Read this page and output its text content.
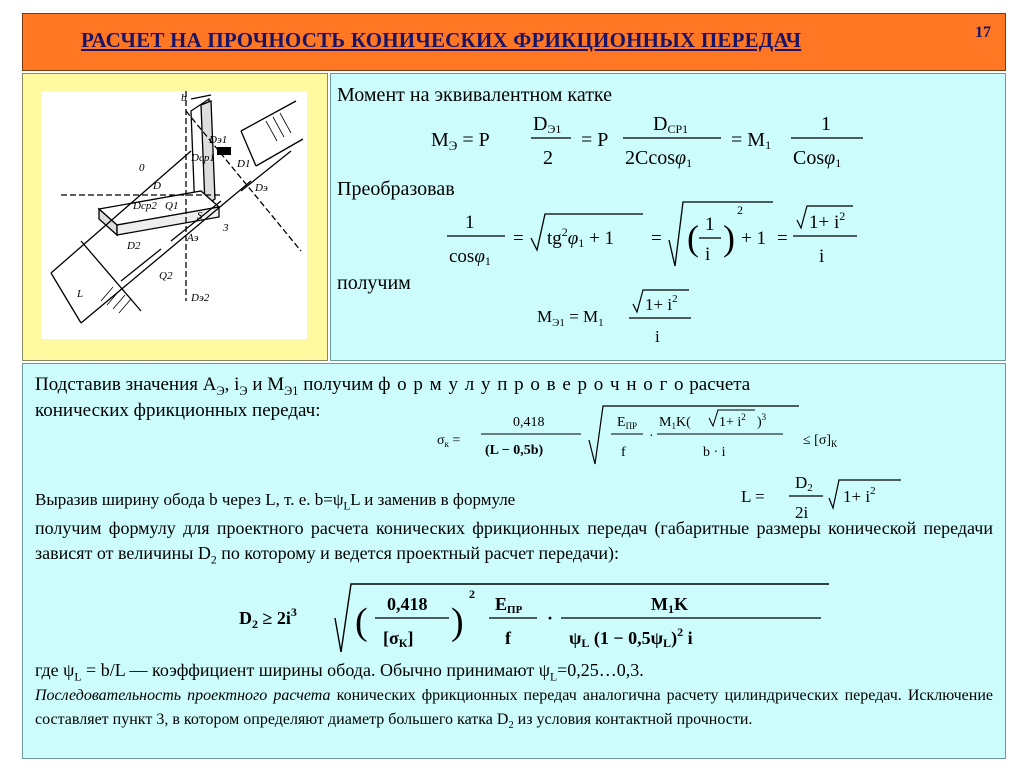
РАСЧЕТ НА ПРОЧНОСТЬ КОНИЧЕСКИХ ФРИКЦИОННЫХ ПЕРЕДАЧ	17
b
0
D
Dэ1
Dср1 D1
Dср2
D2
Dэ2
Dэ
Q1
Q2
L
Aэ
3
S
Момент на эквивалентном катке
$M_Э = P$
DЭ1
2
= P
DCP1
2Ccosφ1
= M1
1
Cosφ1
Преобразовав
1
cosφ1
= $tg^2\varphi 1 + 1$ = ( 1
i )
2
+ 1 =
$1+ i^2$
i
получим
$M_{Э1} = M_1$
$1+ i^2$
i
Подставив значения $A_Э$, $i_Э$ и $M_{Э1}$ получим ф о р м у л у п р о в е р о ч н о г о расчета
конических фрикционных передач:
$\sigma_к$ =
0,418
(L − 0,5b)
$E_{ПР}$
f
·
$M_1K$( $1+ i^2$ )$^3$
b · i
≤ $[\sigma]_К$
Выразив ширину обода b через L, т. е. $b=\psi_LL$ и заменив в формуле	L =
D2
2i
$1+ i^2$
получим формулу для проектного расчета конических фрикционных передач (габаритные размеры конической передачи зависят от величины $D_2$ по которому и ведется проектный расчет передачи):
$D_2 \ge 2i^3$ ( 0,418
[σК] )
2 EПР
f
·
M1K
ψL $(1 - 0,5\psi L)^2$ i
где $\psi_L = b/L$ — коэффициент ширины обода. Обычно принимают $\psi_L=0,25\dots 0,3$.
Последовательность проектного расчета конических фрикционных передач аналогична расчету цилиндрических передач. Исключение составляет пункт 3, в котором определяют диаметр большего катка $D_2$ из условия контактной прочности.
